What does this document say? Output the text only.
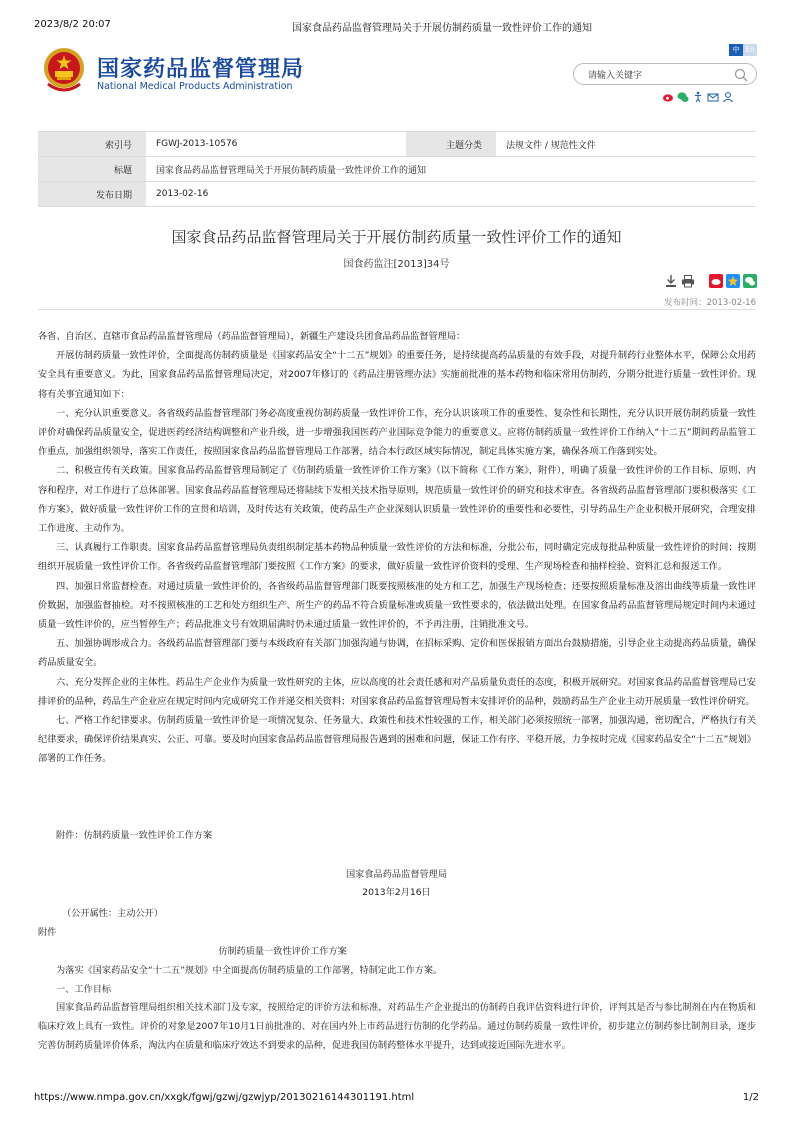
2023/8/2 20:07	国家食品药品监督管理局关于开展仿制药质量一致性评价工作的通知
国家药品监督管理局
National Medical Products Administration
中 En
请输入关键字
索引号	FGWJ-2013-10576	主题分类	法规文件 / 规范性文件
标题	国家食品药品监督管理局关于开展仿制药质量一致性评价工作的通知		
发布日期	2013-02-16		
国家食品药品监督管理局关于开展仿制药质量一致性评价工作的通知
国食药监注[2013]34号
发布时间：2013-02-16

各省、自治区、直辖市食品药品监督管理局（药品监督管理局），新疆生产建设兵团食品药品监督管理局：

开展仿制药质量一致性评价，全面提高仿制药质量是《国家药品安全“十二五”规划》的重要任务，是持续提高药品质量的有效手段，对提升制药行业整体水平，保障公众用药安全具有重要意义。为此，国家食品药品监督管理局决定，对2007年修订的《药品注册管理办法》实施前批准的基本药物和临床常用仿制药，分期分批进行质量一致性评价。现将有关事宜通知如下：

一、充分认识重要意义。各省级药品监督管理部门务必高度重视仿制药质量一致性评价工作，充分认识该项工作的重要性、复杂性和长期性，充分认识开展仿制药质量一致性评价对确保药品质量安全，促进医药经济结构调整和产业升级，进一步增强我国医药产业国际竞争能力的重要意义。应将仿制药质量一致性评价工作纳入“十二五”期间药品监管工作重点，加强组织领导，落实工作责任，按照国家食品药品监督管理局工作部署，结合本行政区域实际情况，制定具体实施方案，确保各项工作落到实处。

二、积极宣传有关政策。国家食品药品监督管理局制定了《仿制药质量一致性评价工作方案》（以下简称《工作方案》，附件），明确了质量一致性评价的工作目标、原则、内容和程序，对工作进行了总体部署。国家食品药品监督管理局还将陆续下发相关技术指导原则，规范质量一致性评价的研究和技术审查。各省级药品监督管理部门要积极落实《工作方案》，做好质量一致性评价工作的宣贯和培训，及时传达有关政策，使药品生产企业深刻认识质量一致性评价的重要性和必要性，引导药品生产企业积极开展研究，合理安排工作进度、主动作为。

三、认真履行工作职责。国家食品药品监督管理局负责组织制定基本药物品种质量一致性评价的方法和标准，分批公布，同时确定完成每批品种质量一致性评价的时间；按期组织开展质量一致性评价工作。各省级药品监督管理部门要按照《工作方案》的要求，做好质量一致性评价资料的受理、生产现场检查和抽样检验、资料汇总和报送工作。

四、加强日常监督检查。对通过质量一致性评价的，各省级药品监督管理部门既要按照核准的处方和工艺，加强生产现场检查；还要按照质量标准及溶出曲线等质量一致性评价数据，加强监督抽检。对不按照核准的工艺和处方组织生产、所生产的药品不符合质量标准或质量一致性要求的，依法做出处理。在国家食品药品监督管理局规定时间内未通过质量一致性评价的，应当暂停生产；药品批准文号有效期届满时仍未通过质量一致性评价的，不予再注册，注销批准文号。

五、加强协调形成合力。各级药品监督管理部门要与本级政府有关部门加强沟通与协调，在招标采购、定价和医保报销方面出台鼓励措施，引导企业主动提高药品质量，确保药品质量安全。

六、充分发挥企业的主体性。药品生产企业作为质量一致性研究的主体，应以高度的社会责任感和对产品质量负责任的态度，积极开展研究。对国家食品药品监督管理局已安排评价的品种，药品生产企业应在规定时间内完成研究工作并递交相关资料；对国家食品药品监督管理局暂未安排评价的品种，鼓励药品生产企业主动开展质量一致性评价研究。

七、严格工作纪律要求。仿制药质量一致性评价是一项情况复杂、任务量大、政策性和技术性较强的工作，相关部门必须按照统一部署，加强沟通，密切配合，严格执行有关纪律要求，确保评价结果真实、公正、可靠。要及时向国家食品药品监督管理局报告遇到的困难和问题，保证工作有序、平稳开展，力争按时完成《国家药品安全“十二五”规划》部署的工作任务。

附件：仿制药质量一致性评价工作方案
国家食品药品监督管理局
2013年2月16日
（公开属性：主动公开）
附件
仿制药质量一致性评价工作方案
为落实《国家药品安全“十二五”规划》中全面提高仿制药质量的工作部署，特制定此工作方案。
一、工作目标
国家食品药品监督管理局组织相关技术部门及专家，按照给定的评价方法和标准，对药品生产企业提出的仿制药自我评估资料进行评价，评判其是否与参比制剂在内在物质和临床疗效上具有一致性。评价的对象是2007年10月1日前批准的、对在国内外上市药品进行仿制的化学药品。通过仿制药质量一致性评价，初步建立仿制药参比制剂目录，逐步完善仿制药质量评价体系，淘汰内在质量和临床疗效达不到要求的品种，促进我国仿制药整体水平提升，达到或接近国际先进水平。
https://www.nmpa.gov.cn/xxgk/fgwj/gzwj/gzwjyp/20130216144301191.html	1/2
